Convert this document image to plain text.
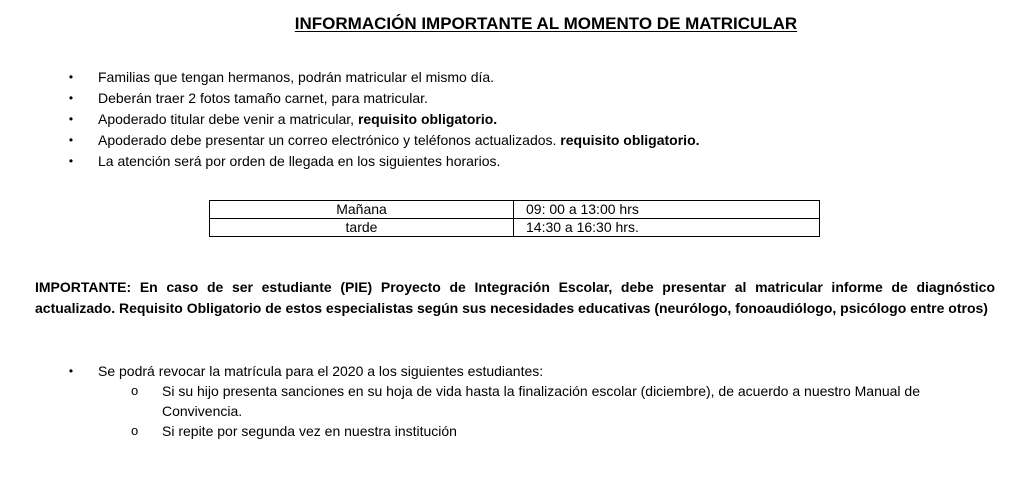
INFORMACIÓN IMPORTANTE AL MOMENTO DE MATRICULAR
• Familias que tengan hermanos, podrán matricular el mismo día.
• Deberán traer 2 fotos tamaño carnet, para matricular.
• Apoderado titular debe venir a matricular, requisito obligatorio.
• Apoderado debe presentar un correo electrónico y teléfonos actualizados. requisito obligatorio.
• La atención será por orden de llegada en los siguientes horarios.
Mañana	09: 00 a 13:00 hrs
tarde	14:30 a 16:30 hrs.
IMPORTANTE: En caso de ser estudiante (PIE) Proyecto de Integración Escolar, debe presentar al matricular informe de diagnóstico actualizado. Requisito Obligatorio de estos especialistas según sus necesidades educativas (neurólogo, fonoaudiólogo, psicólogo entre otros)
• Se podrá revocar la matrícula para el 2020 a los siguientes estudiantes:
o Si su hijo presenta sanciones en su hoja de vida hasta la finalización escolar (diciembre), de acuerdo a nuestro Manual de Convivencia.
o Si repite por segunda vez en nuestra institución
